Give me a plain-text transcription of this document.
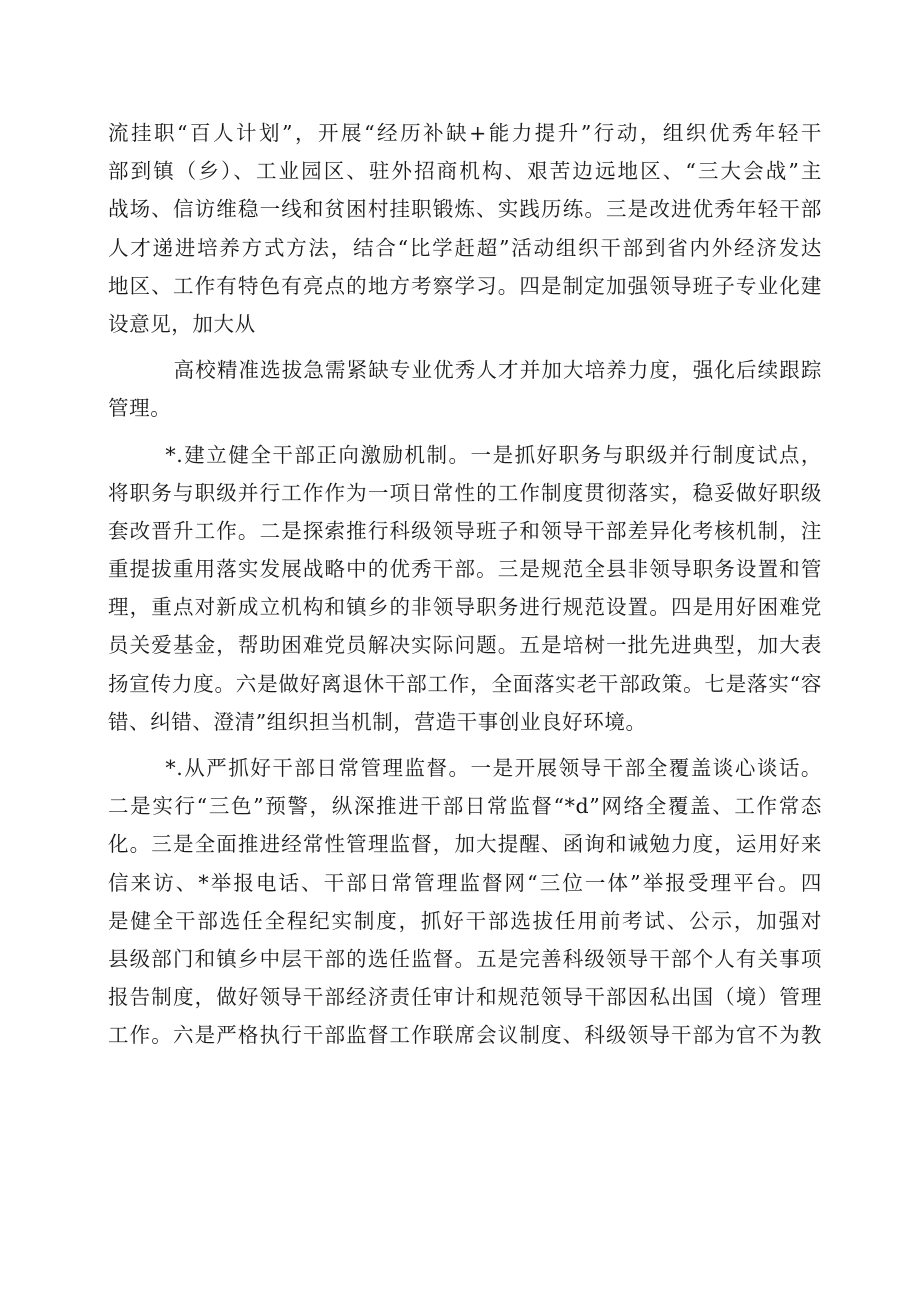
流挂职“百人计划”，开展“经历补缺+能力提升”行动，组织优秀年轻干
部到镇（乡）、工业园区、驻外招商机构、艰苦边远地区、“三大会战”主
战场、信访维稳一线和贫困村挂职锻炼、实践历练。三是改进优秀年轻干部
人才递进培养方式方法，结合“比学赶超”活动组织干部到省内外经济发达
地区、工作有特色有亮点的地方考察学习。四是制定加强领导班子专业化建
设意见，加大从
高校精准选拔急需紧缺专业优秀人才并加大培养力度，强化后续跟踪
管理。
*.建立健全干部正向激励机制。一是抓好职务与职级并行制度试点，
将职务与职级并行工作作为一项日常性的工作制度贯彻落实，稳妥做好职级
套改晋升工作。二是探索推行科级领导班子和领导干部差异化考核机制，注
重提拔重用落实发展战略中的优秀干部。三是规范全县非领导职务设置和管
理，重点对新成立机构和镇乡的非领导职务进行规范设置。四是用好困难党
员关爱基金，帮助困难党员解决实际问题。五是培树一批先进典型，加大表
扬宣传力度。六是做好离退休干部工作，全面落实老干部政策。七是落实“容
错、纠错、澄清”组织担当机制，营造干事创业良好环境。
*.从严抓好干部日常管理监督。一是开展领导干部全覆盖谈心谈话。
二是实行“三色”预警，纵深推进干部日常监督“*d”网络全覆盖、工作常态
化。三是全面推进经常性管理监督，加大提醒、函询和诫勉力度，运用好来
信来访、*举报电话、干部日常管理监督网“三位一体”举报受理平台。四
是健全干部选任全程纪实制度，抓好干部选拔任用前考试、公示，加强对
县级部门和镇乡中层干部的选任监督。五是完善科级领导干部个人有关事项
报告制度，做好领导干部经济责任审计和规范领导干部因私出国（境）管理
工作。六是严格执行干部监督工作联席会议制度、科级领导干部为官不为教
